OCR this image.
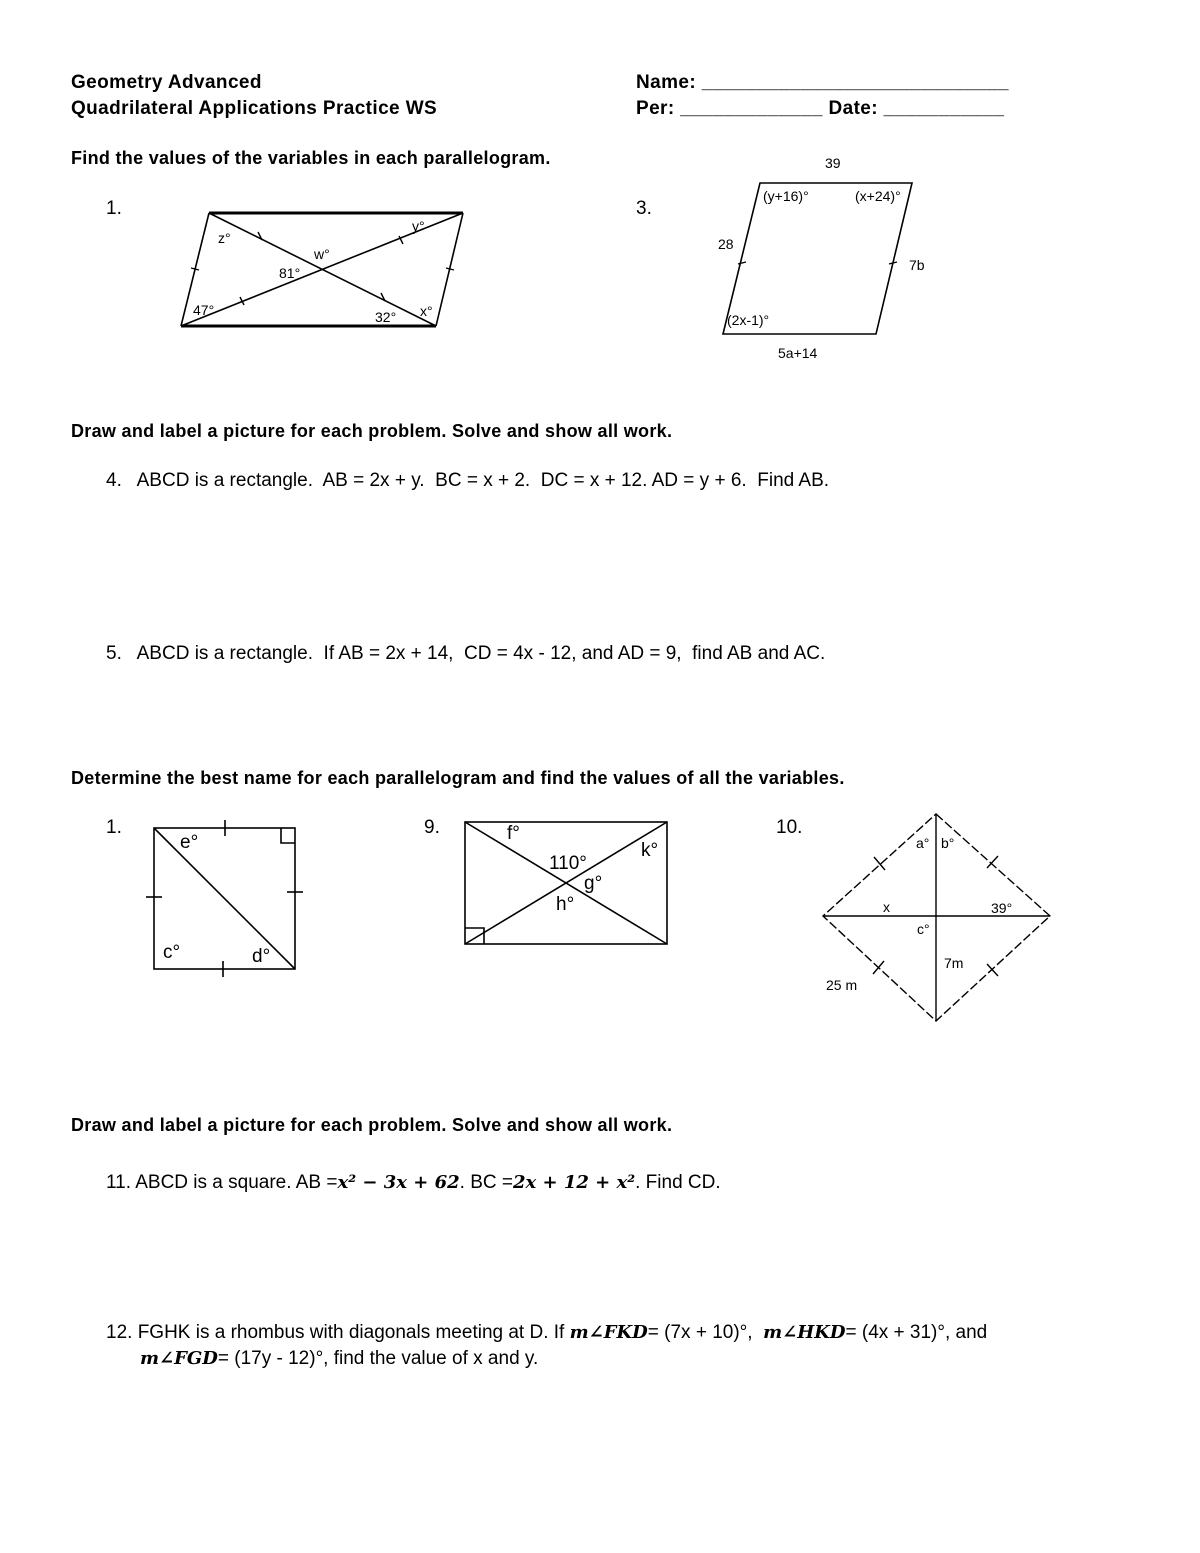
Geometry Advanced
Quadrilateral Applications Practice WS
Name: ____________________________
Per: _____________ Date: ___________
Find the values of the variables in each parallelogram.
1.
z°
w°
y°
81°
47°	32° x°
3.
39
28
7b
5a+14
(y+16)°	(x+24)°
(2x-1)°
Draw and label a picture for each problem. Solve and show all work.
4.   ABCD is a rectangle.  AB = 2x + y.  BC = x + 2.  DC = x + 12. AD = y + 6.  Find AB.
5.   ABCD is a rectangle.  If AB = 2x + 14,  CD = 4x - 12, and AD = 9,  find AB and AC.
Determine the best name for each parallelogram and find the values of all the variables.
1.
e°
c°	d°
9.	f°
110°
k°
g°
h°
10.
a° b°
x	39°
c°
7m
25 m
Draw and label a picture for each problem. Solve and show all work.
11. ABCD is a square. AB =x² − 3x + 62. BC =2x + 12 + x². Find CD.
12. FGHK is a rhombus with diagonals meeting at D. If m∠FKD= (7x + 10)°,  m∠HKD= (4x + 31)°, and
m∠FGD= (17y - 12)°, find the value of x and y.
